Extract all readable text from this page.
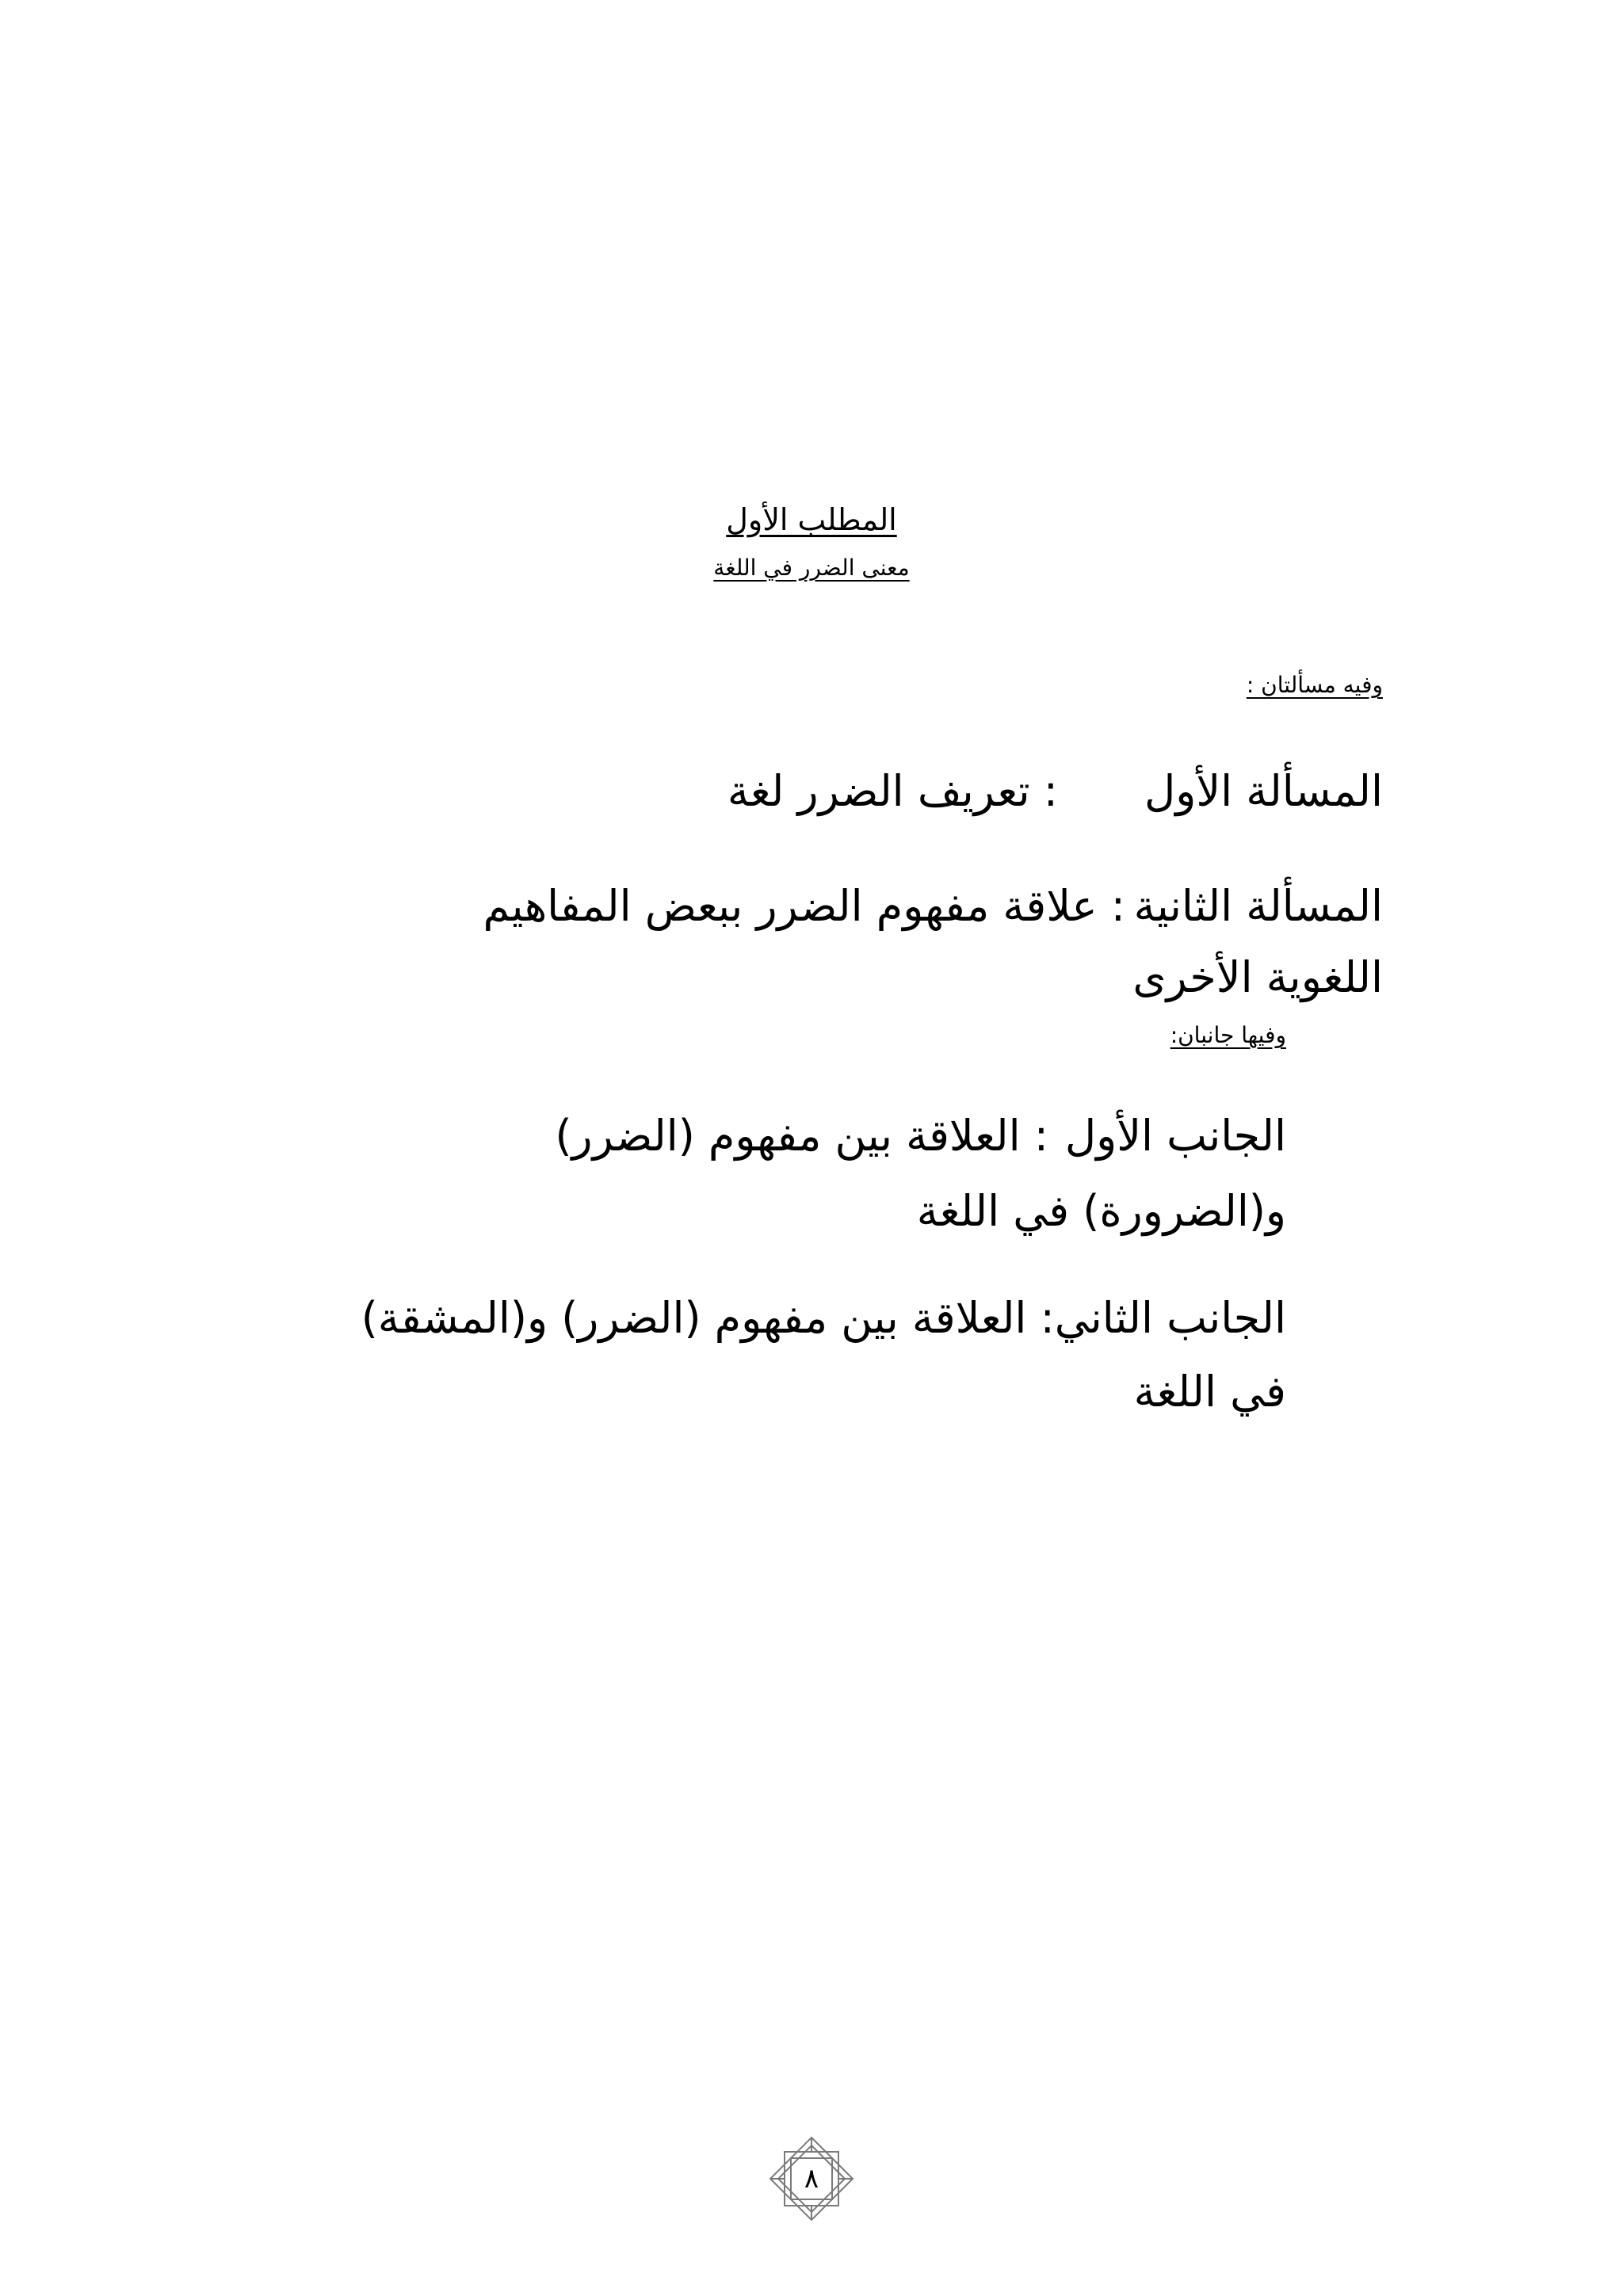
المطلب الأول
معنى الضرر في اللغة
وفيه مسألتان :
المسألة الأول: تعريف الضرر لغة
المسألة الثانية: علاقة مفهوم الضرر ببعض المفاهيم
اللغوية الأخرى
وفيها جانبان:
الجانب الأول: العلاقة بين مفهوم (الضرر)
و(الضرورة) في اللغة
الجانب الثاني: العلاقة بين مفهوم (الضرر) و(المشقة)
في اللغة
٨
